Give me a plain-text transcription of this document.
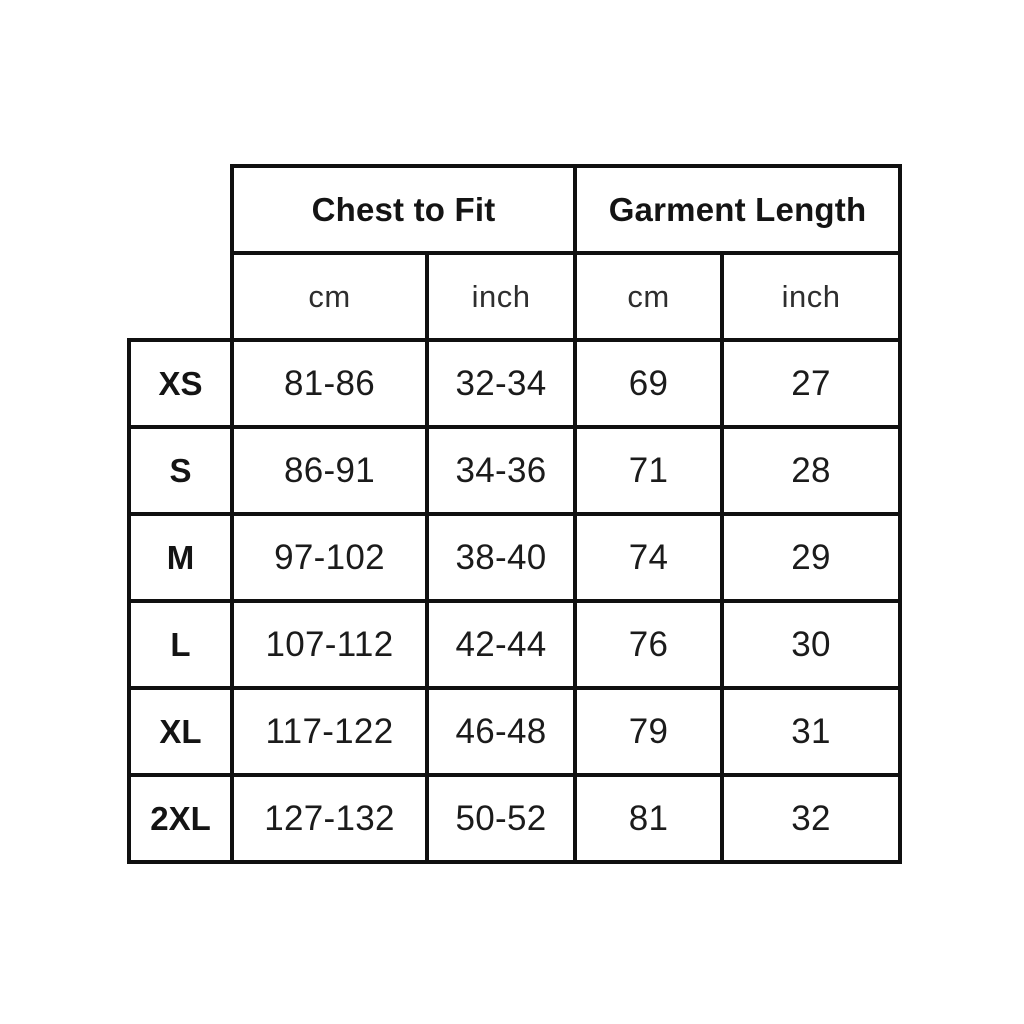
	Chest to Fit		Garment Length	
	cm	inch	cm	inch
XS	81-86	32-34	69	27
S	86-91	34-36	71	28
M	97-102	38-40	74	29
L	107-112	42-44	76	30
XL	117-122	46-48	79	31
2XL	127-132	50-52	81	32
